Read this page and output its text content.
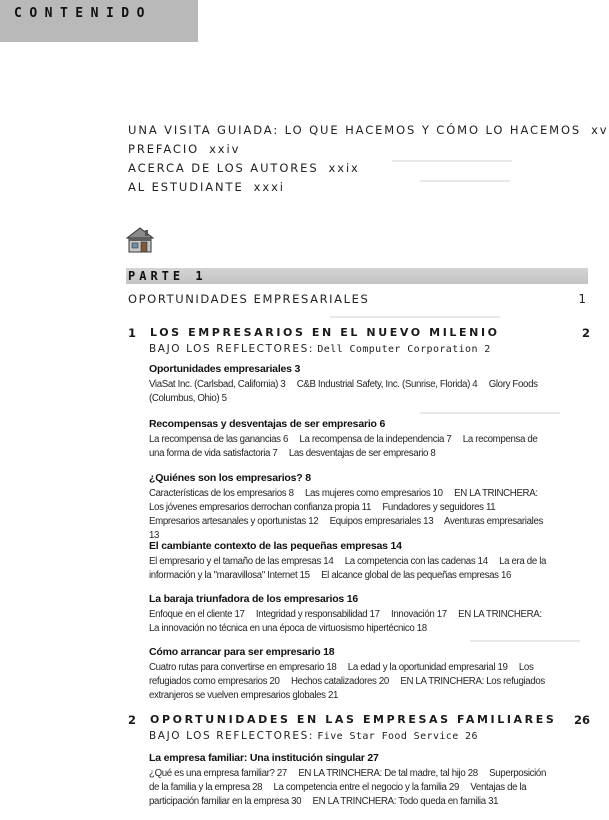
CONTENIDO
UNA VISITA GUIADA: LO QUE HACEMOS Y CÓMO LO HACEMOS xv
PREFACIO xxiv
ACERCA DE LOS AUTORES xxix
AL ESTUDIANTE xxxi
PARTE 1
OPORTUNIDADES EMPRESARIALES	1
1 LOS EMPRESARIOS EN EL NUEVO MILENIO	2
BAJO LOS REFLECTORES: Dell Computer Corporation 2
Oportunidades empresariales 3
ViaSat Inc. (Carlsbad, California) 3 C&B Industrial Safety, Inc. (Sunrise, Florida) 4 Glory Foods (Columbus, Ohio) 5
Recompensas y desventajas de ser empresario 6
La recompensa de las ganancias 6 La recompensa de la independencia 7 La recompensa de una forma de vida satisfactoria 7 Las desventajas de ser empresario 8
¿Quiénes son los empresarios? 8
Características de los empresarios 8 Las mujeres como empresarios 10 EN LA TRINCHERA: Los jóvenes empresarios derrochan confianza propia 11 Fundadores y seguidores 11 Empresarios artesanales y oportunistas 12 Equipos empresariales 13 Aventuras empresariales 13
El cambiante contexto de las pequeñas empresas 14
El empresario y el tamaño de las empresas 14 La competencia con las cadenas 14 La era de la información y la "maravillosa" Internet 15 El alcance global de las pequeñas empresas 16
La baraja triunfadora de los empresarios 16
Enfoque en el cliente 17 Integridad y responsabilidad 17 Innovación 17 EN LA TRINCHERA: La innovación no técnica en una época de virtuosismo hipertécnico 18
Cómo arrancar para ser empresario 18
Cuatro rutas para convertirse en empresario 18 La edad y la oportunidad empresarial 19 Los refugiados como empresarios 20 Hechos catalizadores 20 EN LA TRINCHERA: Los refugiados extranjeros se vuelven empresarios globales 21
2 OPORTUNIDADES EN LAS EMPRESAS FAMILIARES 26
BAJO LOS REFLECTORES: Five Star Food Service 26
La empresa familiar: Una institución singular 27
¿Qué es una empresa familiar? 27 EN LA TRINCHERA: De tal madre, tal hijo 28 Superposición de la familia y la empresa 28 La competencia entre el negocio y la familia 29 Ventajas de la participación familiar en la empresa 30 EN LA TRINCHERA: Todo queda en familia 31
